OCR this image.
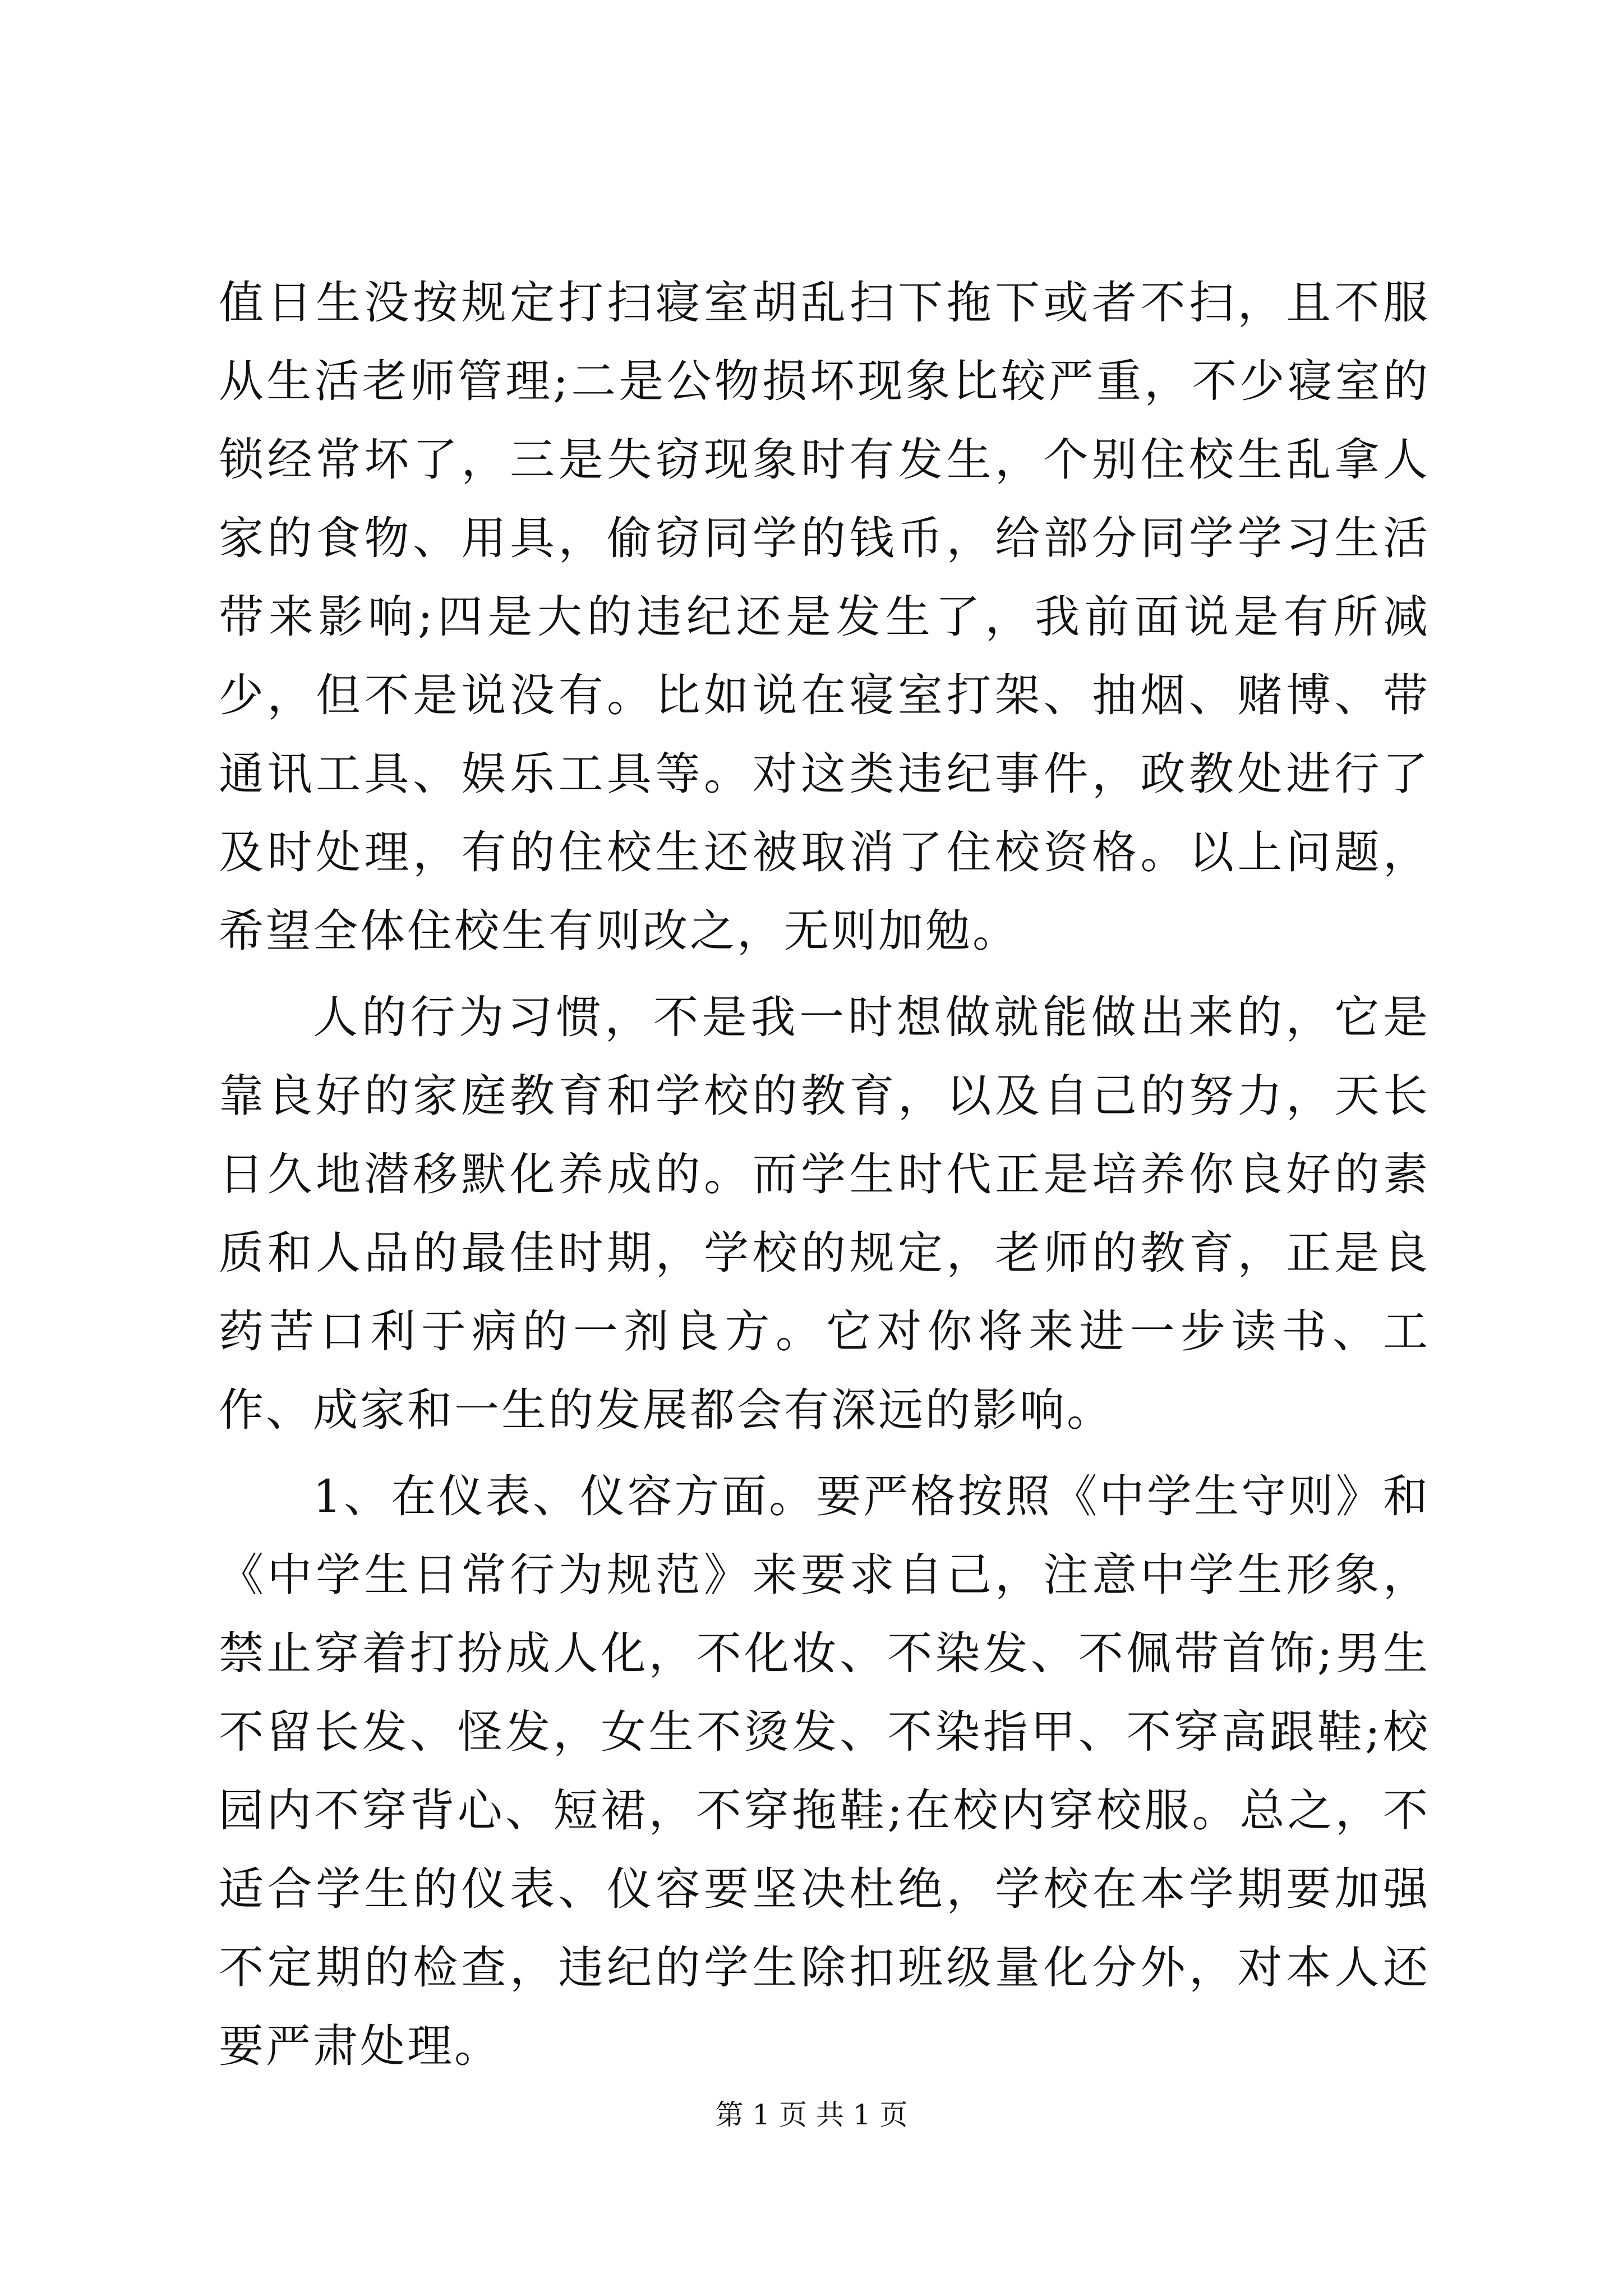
值日生没按规定打扫寝室胡乱扫下拖下或者不扫，且不服从生活老师管理;二是公物损坏现象比较严重，不少寝室的锁经常坏了，三是失窃现象时有发生，个别住校生乱拿人家的食物、用具，偷窃同学的钱币，给部分同学学习生活带来影响;四是大的违纪还是发生了，我前面说是有所减少，但不是说没有。比如说在寝室打架、抽烟、赌博、带通讯工具、娱乐工具等。对这类违纪事件，政教处进行了及时处理，有的住校生还被取消了住校资格。以上问题，希望全体住校生有则改之，无则加勉。

人的行为习惯，不是我一时想做就能做出来的，它是靠良好的家庭教育和学校的教育，以及自己的努力，天长日久地潜移默化养成的。而学生时代正是培养你良好的素质和人品的最佳时期，学校的规定，老师的教育，正是良药苦口利于病的一剂良方。它对你将来进一步读书、工作、成家和一生的发展都会有深远的影响。

1、在仪表、仪容方面。要严格按照《中学生守则》和《中学生日常行为规范》来要求自己，注意中学生形象，禁止穿着打扮成人化，不化妆、不染发、不佩带首饰;男生不留长发、怪发，女生不烫发、不染指甲、不穿高跟鞋;校园内不穿背心、短裙，不穿拖鞋;在校内穿校服。总之，不适合学生的仪表、仪容要坚决杜绝，学校在本学期要加强不定期的检查，违纪的学生除扣班级量化分外，对本人还要严肃处理。

第 1 页 共 1 页
